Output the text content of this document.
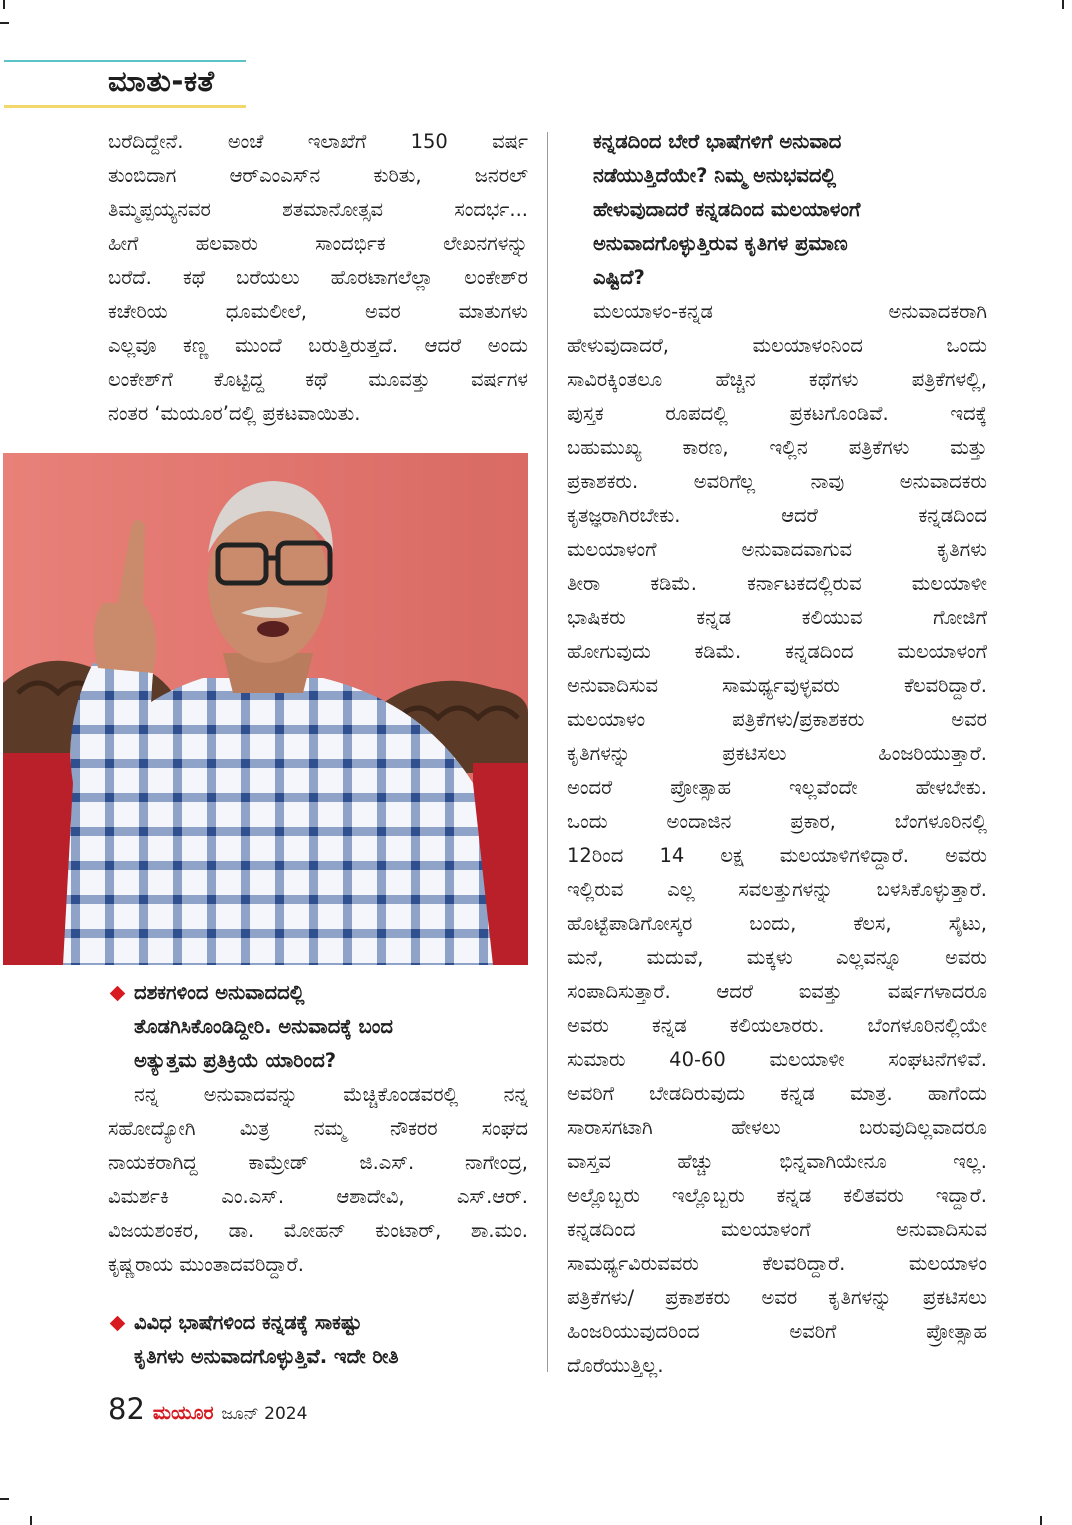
ಮಾತು-ಕತೆ

ಬರೆದಿದ್ದೇನೆ. ಅಂಚೆ ಇಲಾಖೆಗೆ 150 ವರ್ಷ

ತುಂಬಿದಾಗ ಆರ್‌ಎಂಎಸ್‌ನ ಕುರಿತು, ಜನರಲ್

ತಿಮ್ಮಪ್ಪಯ್ಯನವರ ಶತಮಾನೋತ್ಸವ ಸಂದರ್ಭ...

ಹೀಗೆ ಹಲವಾರು ಸಾಂದರ್ಭಿಕ ಲೇಖನಗಳನ್ನು

ಬರೆದೆ. ಕಥೆ ಬರೆಯಲು ಹೊರಟಾಗಲೆಲ್ಲಾ ಲಂಕೇಶ್‌ರ

ಕಚೇರಿಯ ಧೂಮಲೀಲೆ, ಅವರ ಮಾತುಗಳು

ಎಲ್ಲವೂ ಕಣ್ಣ ಮುಂದೆ ಬರುತ್ತಿರುತ್ತದೆ. ಆದರೆ ಅಂದು

ಲಂಕೇಶ್‌ಗೆ ಕೊಟ್ಟಿದ್ದ ಕಥೆ ಮೂವತ್ತು ವರ್ಷಗಳ

ನಂತರ ‘ಮಯೂರ’ದಲ್ಲಿ ಪ್ರಕಟವಾಯಿತು.

ದಶಕಗಳಿಂದ ಅನುವಾದದಲ್ಲಿ
ತೊಡಗಿಸಿಕೊಂಡಿದ್ದೀರಿ. ಅನುವಾದಕ್ಕೆ ಬಂದ
ಅತ್ಯುತ್ತಮ ಪ್ರತಿಕ್ರಿಯೆ ಯಾರಿಂದ?

ನನ್ನ ಅನುವಾದವನ್ನು ಮೆಚ್ಚಿಕೊಂಡವರಲ್ಲಿ ನನ್ನ

ಸಹೋದ್ಯೋಗಿ ಮಿತ್ರ ನಮ್ಮ ನೌಕರರ ಸಂಘದ

ನಾಯಕರಾಗಿದ್ದ ಕಾಮ್ರೇಡ್ ಜಿ.ಎಸ್. ನಾಗೇಂದ್ರ,

ವಿಮರ್ಶಕಿ ಎಂ.ಎಸ್. ಆಶಾದೇವಿ, ಎಸ್.ಆರ್.

ವಿಜಯಶಂಕರ, ಡಾ. ಮೋಹನ್ ಕುಂಟಾರ್, ಶಾ.ಮಂ.

ಕೃಷ್ಣರಾಯ ಮುಂತಾದವರಿದ್ದಾರೆ.

ವಿವಿಧ ಭಾಷೆಗಳಿಂದ ಕನ್ನಡಕ್ಕೆ ಸಾಕಷ್ಟು
ಕೃತಿಗಳು ಅನುವಾದಗೊಳ್ಳುತ್ತಿವೆ. ಇದೇ ರೀತಿ
ಕನ್ನಡದಿಂದ ಬೇರೆ ಭಾಷೆಗಳಿಗೆ ಅನುವಾದ
ನಡೆಯುತ್ತಿದೆಯೇ? ನಿಮ್ಮ ಅನುಭವದಲ್ಲಿ
ಹೇಳುವುದಾದರೆ ಕನ್ನಡದಿಂದ ಮಲಯಾಳಂಗೆ
ಅನುವಾದಗೊಳ್ಳುತ್ತಿರುವ ಕೃತಿಗಳ ಪ್ರಮಾಣ
ಎಷ್ಟಿದೆ?

ಮಲಯಾಳಂ-ಕನ್ನಡ ಅನುವಾದಕರಾಗಿ

ಹೇಳುವುದಾದರೆ, ಮಲಯಾಳಂನಿಂದ ಒಂದು

ಸಾವಿರಕ್ಕಿಂತಲೂ ಹೆಚ್ಚಿನ ಕಥೆಗಳು ಪತ್ರಿಕೆಗಳಲ್ಲಿ,

ಪುಸ್ತಕ ರೂಪದಲ್ಲಿ ಪ್ರಕಟಗೊಂಡಿವೆ. ಇದಕ್ಕೆ

ಬಹುಮುಖ್ಯ ಕಾರಣ, ಇಲ್ಲಿನ ಪತ್ರಿಕೆಗಳು ಮತ್ತು

ಪ್ರಕಾಶಕರು. ಅವರಿಗೆಲ್ಲ ನಾವು ಅನುವಾದಕರು

ಕೃತಜ್ಞರಾಗಿರಬೇಕು. ಆದರೆ ಕನ್ನಡದಿಂದ

ಮಲಯಾಳಂಗೆ ಅನುವಾದವಾಗುವ ಕೃತಿಗಳು

ತೀರಾ ಕಡಿಮೆ. ಕರ್ನಾಟಕದಲ್ಲಿರುವ ಮಲಯಾಳೀ

ಭಾಷಿಕರು ಕನ್ನಡ ಕಲಿಯುವ ಗೋಜಿಗೆ

ಹೋಗುವುದು ಕಡಿಮೆ. ಕನ್ನಡದಿಂದ ಮಲಯಾಳಂಗೆ

ಅನುವಾದಿಸುವ ಸಾಮರ್ಥ್ಯವುಳ್ಳವರು ಕೆಲವರಿದ್ದಾರೆ.

ಮಲಯಾಳಂ ಪತ್ರಿಕೆಗಳು/ಪ್ರಕಾಶಕರು ಅವರ

ಕೃತಿಗಳನ್ನು ಪ್ರಕಟಿಸಲು ಹಿಂಜರಿಯುತ್ತಾರೆ.

ಅಂದರೆ ಪ್ರೋತ್ಸಾಹ ಇಲ್ಲವೆಂದೇ ಹೇಳಬೇಕು.

ಒಂದು ಅಂದಾಜಿನ ಪ್ರಕಾರ, ಬೆಂಗಳೂರಿನಲ್ಲಿ

12ರಿಂದ 14 ಲಕ್ಷ ಮಲಯಾಳಿಗಳಿದ್ದಾರೆ. ಅವರು

ಇಲ್ಲಿರುವ ಎಲ್ಲ ಸವಲತ್ತುಗಳನ್ನು ಬಳಸಿಕೊಳ್ಳುತ್ತಾರೆ.

ಹೊಟ್ಟೆಪಾಡಿಗೋಸ್ಕರ ಬಂದು, ಕೆಲಸ, ಸೈಟು,

ಮನೆ, ಮದುವೆ, ಮಕ್ಕಳು ಎಲ್ಲವನ್ನೂ ಅವರು

ಸಂಪಾದಿಸುತ್ತಾರೆ. ಆದರೆ ಐವತ್ತು ವರ್ಷಗಳಾದರೂ

ಅವರು ಕನ್ನಡ ಕಲಿಯಲಾರರು. ಬೆಂಗಳೂರಿನಲ್ಲಿಯೇ

ಸುಮಾರು 40-60 ಮಲಯಾಳೀ ಸಂಘಟನೆಗಳಿವೆ.

ಅವರಿಗೆ ಬೇಡದಿರುವುದು ಕನ್ನಡ ಮಾತ್ರ. ಹಾಗೆಂದು

ಸಾರಾಸಗಟಾಗಿ ಹೇಳಲು ಬರುವುದಿಲ್ಲವಾದರೂ

ವಾಸ್ತವ ಹೆಚ್ಚು ಭಿನ್ನವಾಗಿಯೇನೂ ಇಲ್ಲ.

ಅಲ್ಲೊಬ್ಬರು ಇಲ್ಲೊಬ್ಬರು ಕನ್ನಡ ಕಲಿತವರು ಇದ್ದಾರೆ.

ಕನ್ನಡದಿಂದ ಮಲಯಾಳಂಗೆ ಅನುವಾದಿಸುವ

ಸಾಮರ್ಥ್ಯವಿರುವವರು ಕೆಲವರಿದ್ದಾರೆ. ಮಲಯಾಳಂ

ಪತ್ರಿಕೆಗಳು/ ಪ್ರಕಾಶಕರು ಅವರ ಕೃತಿಗಳನ್ನು ಪ್ರಕಟಿಸಲು

ಹಿಂಜರಿಯುವುದರಿಂದ ಅವರಿಗೆ ಪ್ರೋತ್ಸಾಹ

ದೊರೆಯುತ್ತಿಲ್ಲ.

82 ಮಯೂರ ಜೂನ್ 2024
